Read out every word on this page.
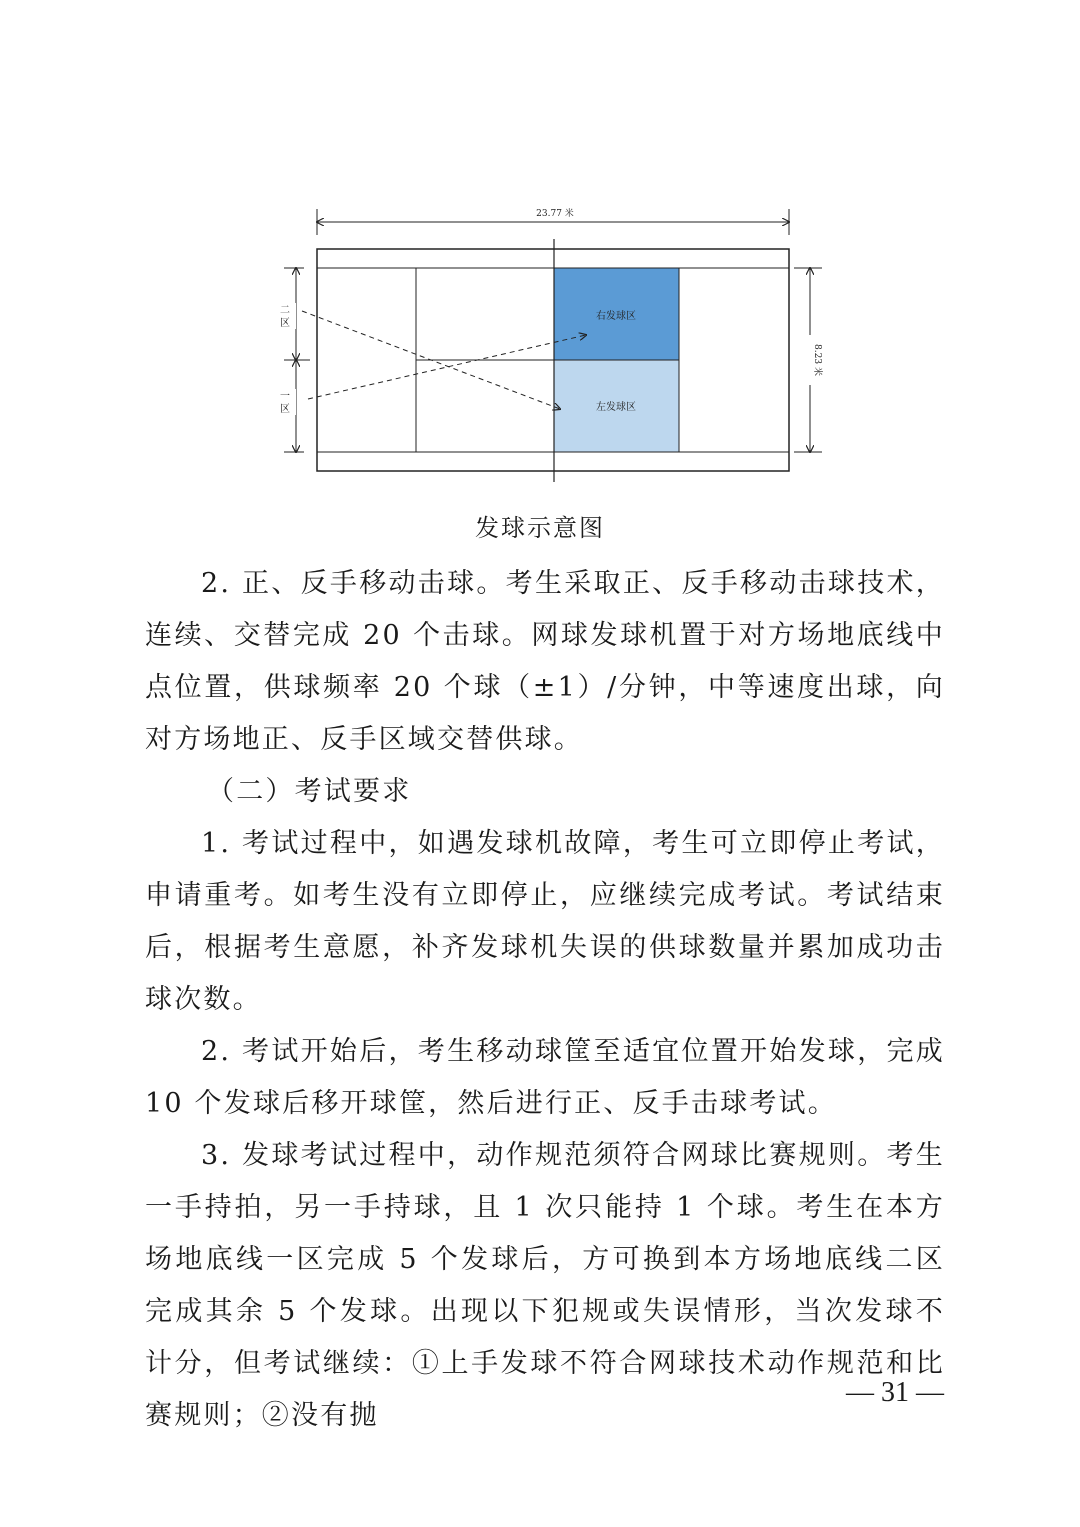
23.77 米
右发球区
左发球区
二区
一区
8.23 米
发球示意图

2. 正、反手移动击球。考生采取正、反手移动击球技术，连续、交替完成 20 个击球。网球发球机置于对方场地底线中点位置，供球频率 20 个球（±1）/分钟，中等速度出球，向对方场地正、反手区域交替供球。

（二）考试要求

1. 考试过程中，如遇发球机故障，考生可立即停止考试，申请重考。如考生没有立即停止，应继续完成考试。考试结束后，根据考生意愿，补齐发球机失误的供球数量并累加成功击球次数。

2. 考试开始后，考生移动球筐至适宜位置开始发球，完成 10 个发球后移开球筐，然后进行正、反手击球考试。

3. 发球考试过程中，动作规范须符合网球比赛规则。考生一手持拍，另一手持球，且 1 次只能持 1 个球。考生在本方场地底线一区完成 5 个发球后，方可换到本方场地底线二区完成其余 5 个发球。出现以下犯规或失误情形，当次发球不计分，但考试继续：①上手发球不符合网球技术动作规范和比赛规则；②没有抛

— 31 —
